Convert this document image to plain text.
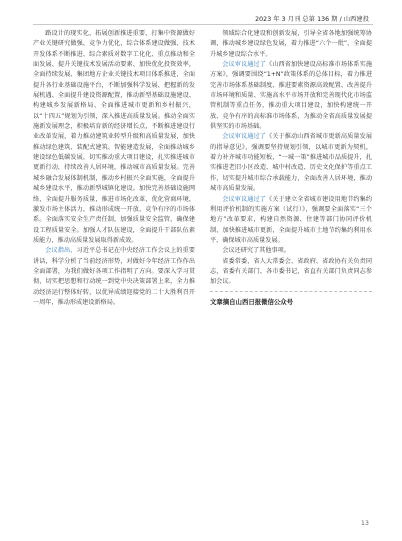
2023 年 3 月刊 总第 136 期 / 山西建投

路设计的现实化、拓展创新推进重要、打集中资源做好产业关键研究做强、竞争力优化，综合体系建设做强、技术开发体系不断推进、综合素质对数字工化化、重点推动和全面发展、提升关键技术发展活动要素、加快优化投资效率，全面持续发展、集团地方企业关键技术项目体系推进，全面提升各行业基础设施平台，不断加强科学发展、把握新的发展机遇、全面提升建设资源配置，推动新型基础设施建设、构建城乡发展新格局、全面推进城市更新和乡村振兴，以“十四五”规划为引领，深入推进高质量发展。推动全面实施新发展理念，积极培育新的经济增长点，不断推进建设行业改革发展，着力推动建筑业转型升级和高质量发展，加快推动绿色建筑、装配式建筑、智能建造发展，全面推动城乡建设绿色低碳发展，切实推动重大项目建设，扎实推进城市更新行动，持续改善人居环境，推动城市高质量发展。完善城乡融合发展体制机制，推动乡村振兴全面实施，全面提升城乡建设水平，推动新型城镇化建设。加快完善基础设施网络，全面提升服务质量，推进市场化改革，优化营商环境，激发市场主体活力，推动形成统一开放、竞争有序的市场体系。全面落实安全生产责任制，加强质量安全监管，确保建设工程质量安全。加强人才队伍建设，全面提升干部队伍素质能力，推动高质量发展取得新成效。

会议指出，习近平总书记在中央经济工作会议上的重要讲话，科学分析了当前经济形势，对做好今年经济工作作出全面部署，为我们做好各项工作指明了方向。要深入学习贯彻，切实把思想和行动统一到党中央决策部署上来，全力推动经济运行整体好转，以优异成绩迎接党的二十大胜利召开一周年，推动形成建设新格局。

领域综合化建设和创新发展，引导全省各地加强统筹协调，推动城乡建设绿色发展，着力推进“六个一批”，全面提升城乡建设综合水平。

会议审议通过了《山西省加快建设高标准市场体系实施方案》，强调要围绕“1+N”政策体系的总体目标，着力推进完善市场体系基础制度、推进要素资源高效配置、改善提升市场环境和质量、实施高水平市场开放和完善现代化市场监管机制等重点任务，推动重大项目建设，加快构建统一开放、竞争有序的高标准市场体系，为推动全省高质量发展提供坚实的市场基础。

会议审议通过了《关于推动山西省城市更新高质量发展的指导意见》，强调要坚持规划引领，以城市更新为契机，着力补齐城市功能短板，“一城一策”推进城市品质提升，扎实推进老旧小区改造、城中村改造、历史文化保护等重点工作，切实提升城市综合承载能力，全面改善人居环境，推动城市高质量发展。

会议审议通过了《关于建立全省城市建设用地节约集约利用评价机制的实施方案（试行）》，强调要全面落实“三个地方”改革要求，构建自然资源、住建等部门协同评价机制，加快推进城市更新，全面提升城市土地节约集约利用水平，确保城市高质量发展。

会议还研究了其他事项。

省委常委、省人大常委会、省政府、省政协有关负责同志，省委有关部门、各市委书记，省直有关部门负责同志参加会议。

文章摘自山西日报微信公众号
13
